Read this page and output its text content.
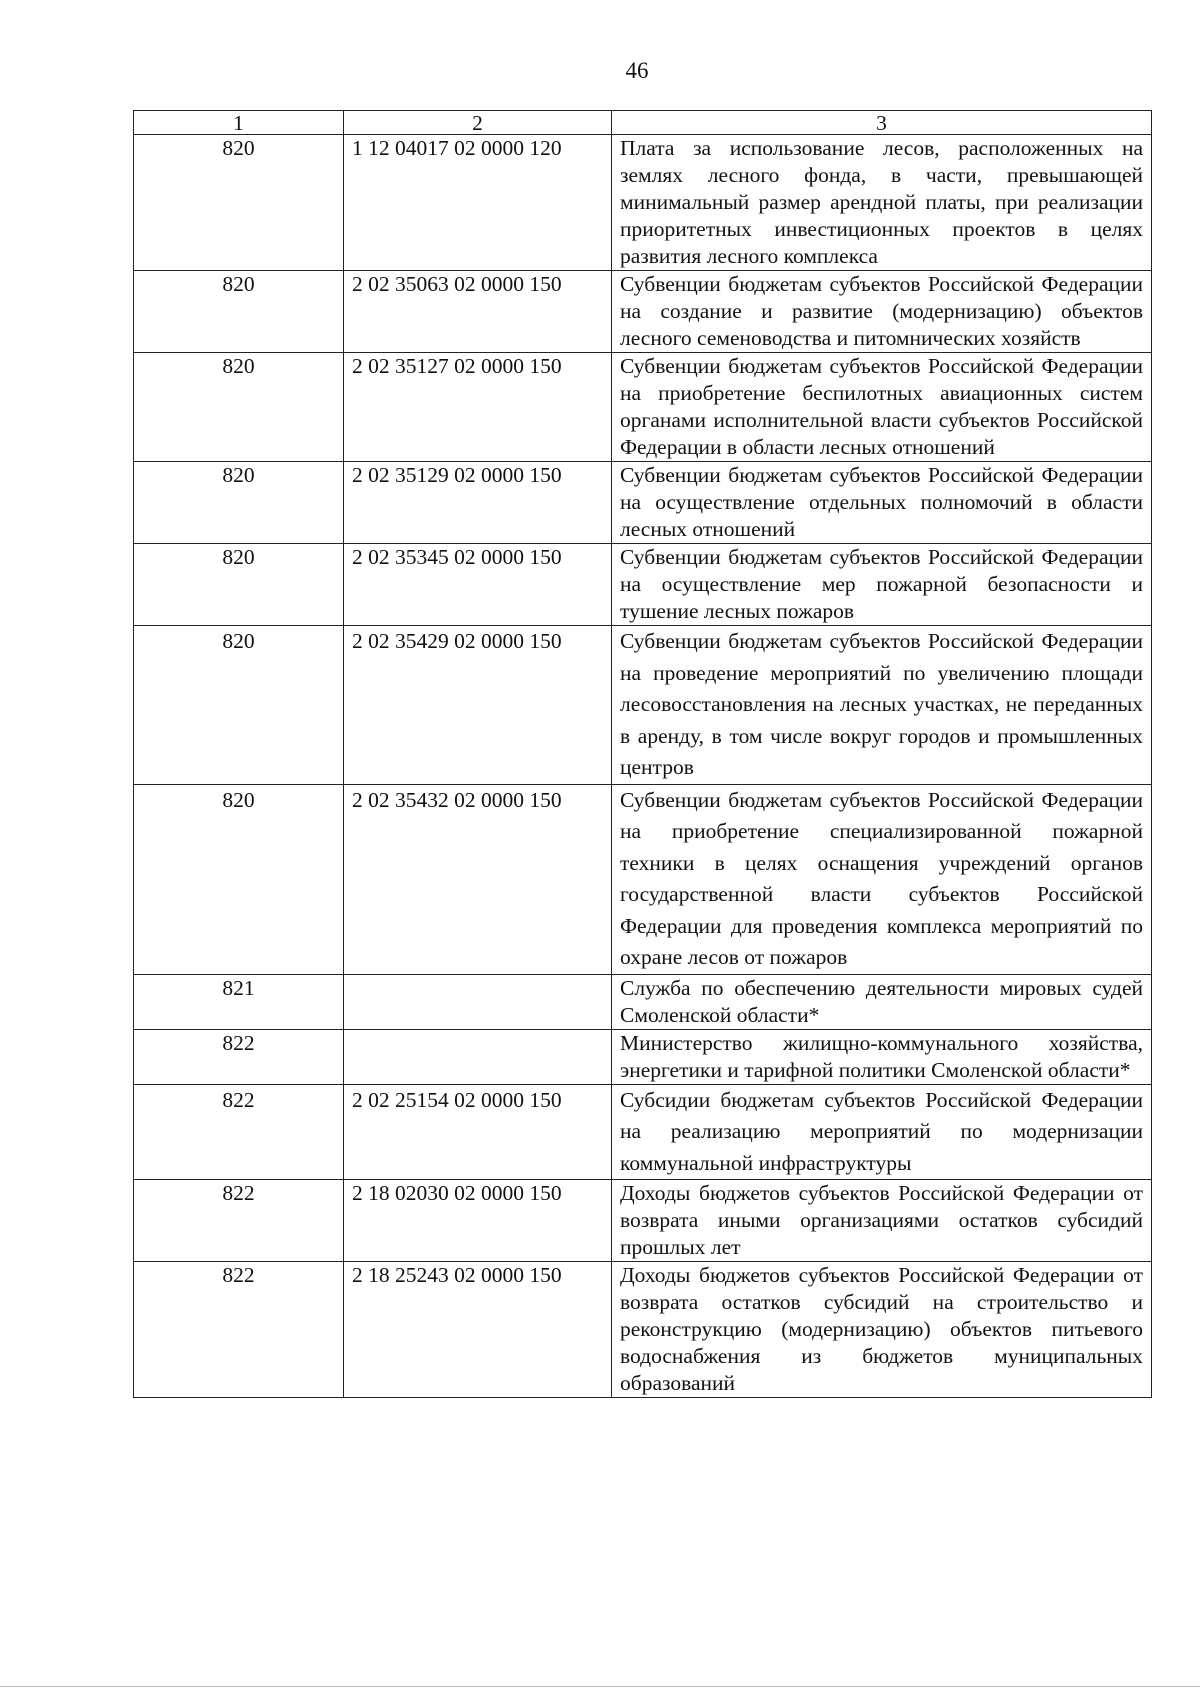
46
1	2	3
820	1 12 04017 02 0000 120	Плата за использование лесов, расположенных на землях лесного фонда, в части, превышающей минимальный размер арендной платы, при реализации приоритетных инвестиционных проектов в целях развития лесного комплекса
820	2 02 35063 02 0000 150	Субвенции бюджетам субъектов Российской Федерации на создание и развитие (модернизацию) объектов лесного семеноводства и питомнических хозяйств
820	2 02 35127 02 0000 150	Субвенции бюджетам субъектов Российской Федерации на приобретение беспилотных авиационных систем органами исполнительной власти субъектов Российской Федерации в области лесных отношений
820	2 02 35129 02 0000 150	Субвенции бюджетам субъектов Российской Федерации на осуществление отдельных полномочий в области лесных отношений
820	2 02 35345 02 0000 150	Субвенции бюджетам субъектов Российской Федерации на осуществление мер пожарной безопасности и тушение лесных пожаров
820	2 02 35429 02 0000 150	Субвенции бюджетам субъектов Российской Федерации на проведение мероприятий по увеличению площади лесовосстановления на лесных участках, не переданных в аренду, в том числе вокруг городов и промышленных центров
820	2 02 35432 02 0000 150	Субвенции бюджетам субъектов Российской Федерации на приобретение специализированной пожарной техники в целях оснащения учреждений органов государственной власти субъектов Российской Федерации для проведения комплекса мероприятий по охране лесов от пожаров
821		Служба по обеспечению деятельности мировых судей Смоленской области*
822		Министерство жилищно-коммунального хозяйства, энергетики и тарифной политики Смоленской области*
822	2 02 25154 02 0000 150	Субсидии бюджетам субъектов Российской Федерации на реализацию мероприятий по модернизации коммунальной инфраструктуры
822	2 18 02030 02 0000 150	Доходы бюджетов субъектов Российской Федерации от возврата иными организациями остатков субсидий прошлых лет
822	2 18 25243 02 0000 150	Доходы бюджетов субъектов Российской Федерации от возврата остатков субсидий на строительство и реконструкцию (модернизацию) объектов питьевого водоснабжения из бюджетов муниципальных образований
